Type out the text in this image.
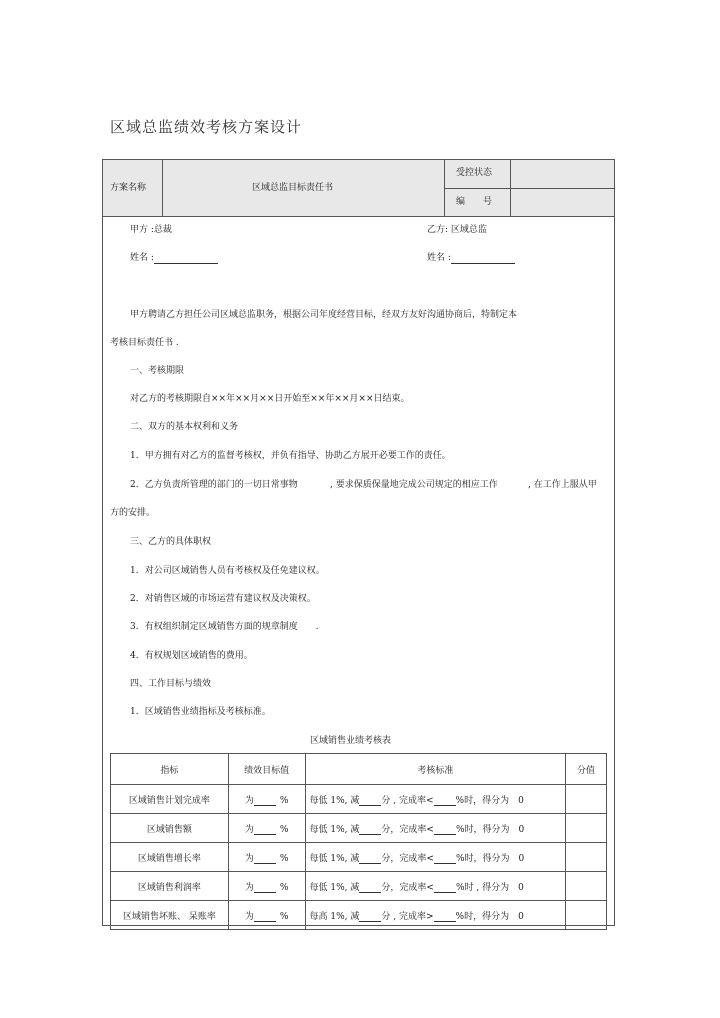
区域总监绩效考核方案设计
方案名称	区域总监目标责任书
受控状态
编　　号
甲方 :总裁	乙方: 区域总监
姓名 :	姓名 :
甲方聘请乙方担任公司区域总监职务，根据公司年度经营目标，经双方友好沟通协商后，特制定本
考核目标责任书 .
一、考核期限
对乙方的考核期限自××年××月××日开始至××年××月××日结束。
二、双方的基本权利和义务
1．甲方拥有对乙方的监督考核权，并负有指导、协助乙方展开必要工作的责任。
2．乙方负责所管理的部门的一切日常事物	, 要求保质保量地完成公司规定的相应工作	, 在工作上服从甲
方的安排。
三、乙方的具体职权
1．对公司区域销售人员有考核权及任免建议权。
2．对销售区域的市场运营有建议权及决策权。
3．有权组织制定区域销售方面的规章制度　　.
4．有权规划区域销售的费用。
四、工作目标与绩效
1．区域销售业绩指标及考核标准。
区域销售业绩考核表
指标	绩效目标值	考核标准	分值
区域销售计划完成率	为 %	每低 1%, 减 分 , 完成率< %时，得分为　0	
区域销售额	为 %	每低 1%, 减 分，完成率< %时，得分为　0	
区域销售增长率	为 %	每低 1%, 减 分，完成率< %时，得分为　0	
区域销售利润率	为 %	每低 1%, 减 分，完成率< %时 , 得分为　0	
区域销售坏账、 呆账率	为 %	每高 1%, 减 分 , 完成率> %时，得分为　0	
